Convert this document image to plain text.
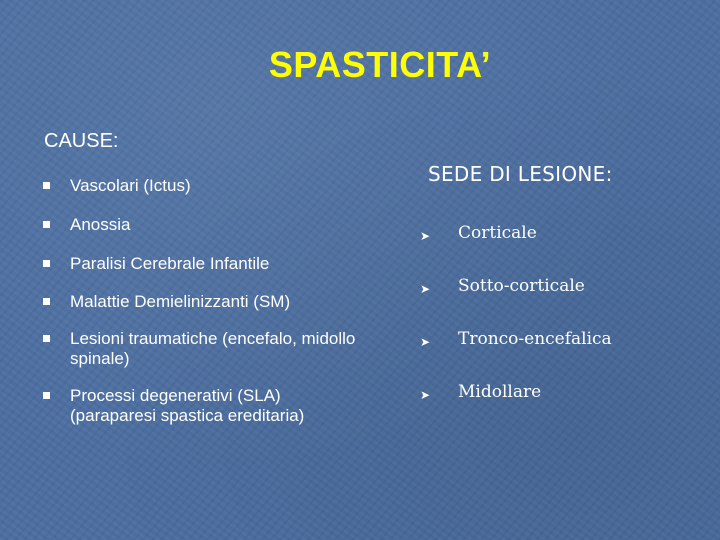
SPASTICITA’
CAUSE:
Vascolari (Ictus)
Anossia
Paralisi Cerebrale Infantile
Malattie Demielinizzanti (SM)
Lesioni traumatiche (encefalo, midollo spinale)
Processi degenerativi (SLA) (paraparesi spastica ereditaria)
SEDE DI LESIONE:
➤ Corticale
➤ Sotto-corticale
➤ Tronco-encefalica
➤ Midollare
